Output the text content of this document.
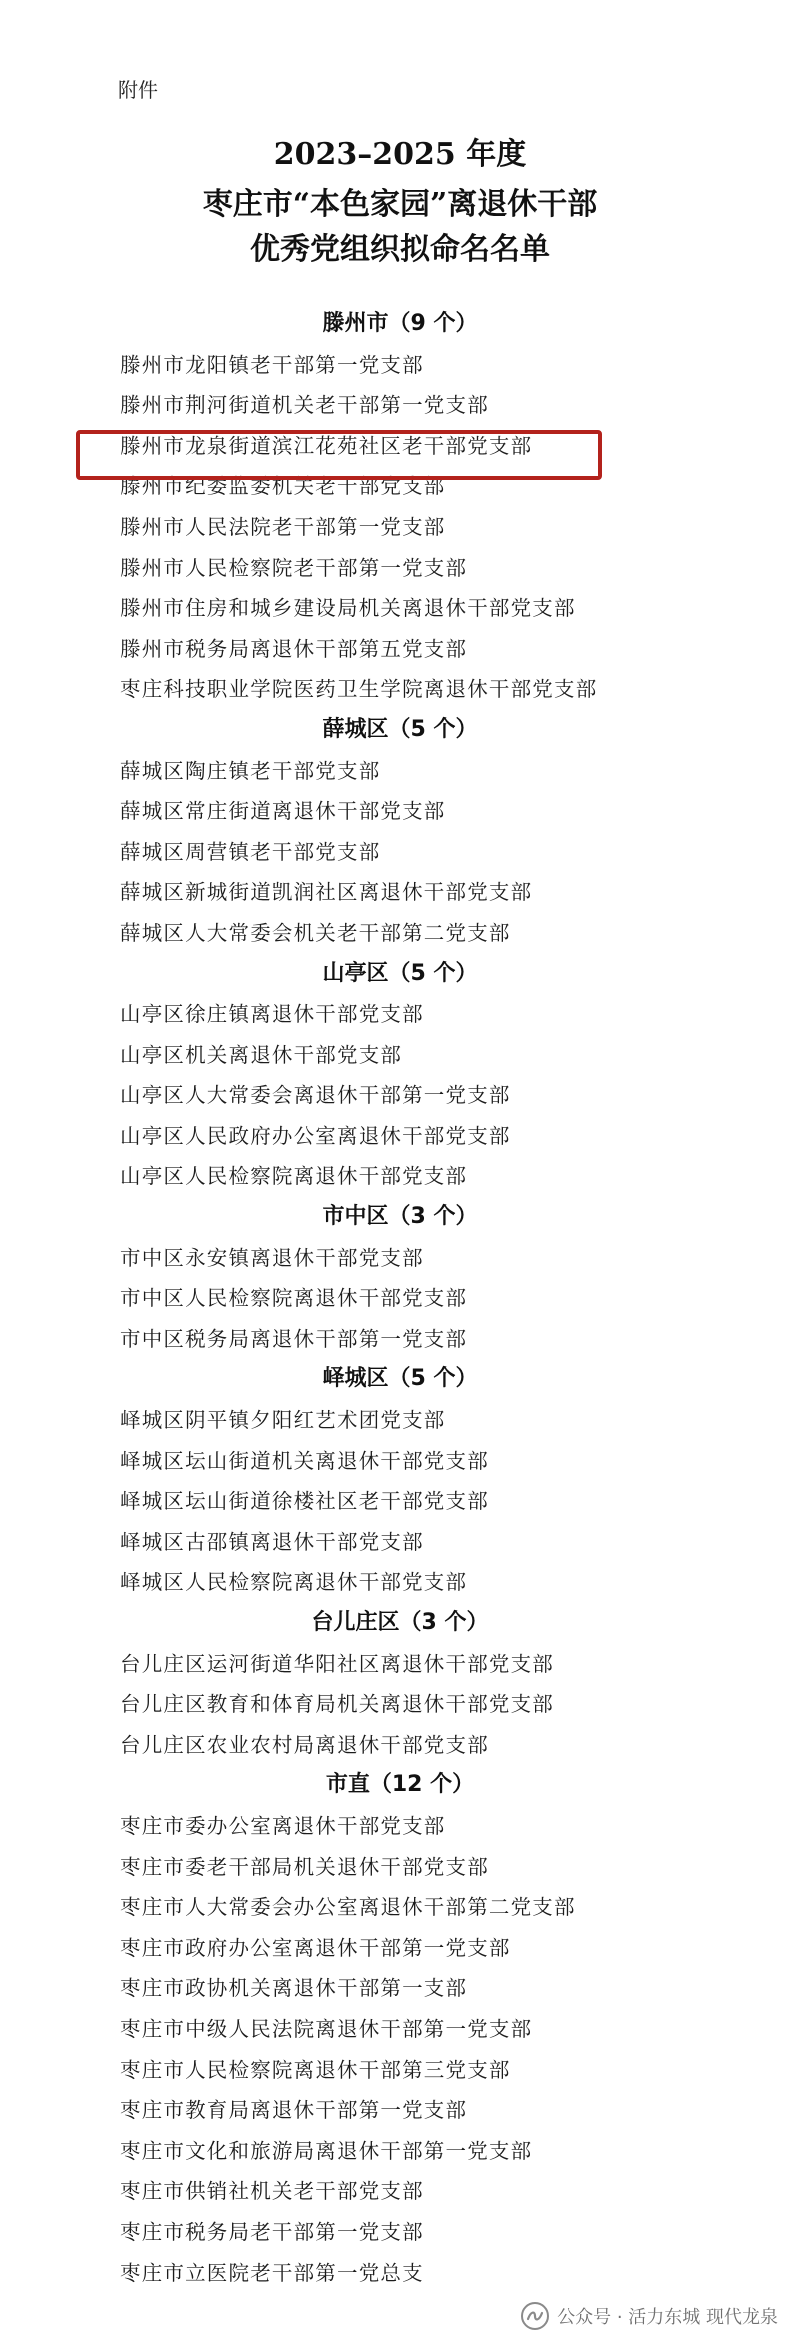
附件
2023–2025 年度
枣庄市“本色家园”离退休干部
优秀党组织拟命名名单
滕州市（9 个）
滕州市龙阳镇老干部第一党支部
滕州市荆河街道机关老干部第一党支部
滕州市龙泉街道滨江花苑社区老干部党支部
滕州市纪委监委机关老干部党支部
滕州市人民法院老干部第一党支部
滕州市人民检察院老干部第一党支部
滕州市住房和城乡建设局机关离退休干部党支部
滕州市税务局离退休干部第五党支部
枣庄科技职业学院医药卫生学院离退休干部党支部
薛城区（5 个）
薛城区陶庄镇老干部党支部
薛城区常庄街道离退休干部党支部
薛城区周营镇老干部党支部
薛城区新城街道凯润社区离退休干部党支部
薛城区人大常委会机关老干部第二党支部
山亭区（5 个）
山亭区徐庄镇离退休干部党支部
山亭区机关离退休干部党支部
山亭区人大常委会离退休干部第一党支部
山亭区人民政府办公室离退休干部党支部
山亭区人民检察院离退休干部党支部
市中区（3 个）
市中区永安镇离退休干部党支部
市中区人民检察院离退休干部党支部
市中区税务局离退休干部第一党支部
峄城区（5 个）
峄城区阴平镇夕阳红艺术团党支部
峄城区坛山街道机关离退休干部党支部
峄城区坛山街道徐楼社区老干部党支部
峄城区古邵镇离退休干部党支部
峄城区人民检察院离退休干部党支部
台儿庄区（3 个）
台儿庄区运河街道华阳社区离退休干部党支部
台儿庄区教育和体育局机关离退休干部党支部
台儿庄区农业农村局离退休干部党支部
市直（12 个）
枣庄市委办公室离退休干部党支部
枣庄市委老干部局机关退休干部党支部
枣庄市人大常委会办公室离退休干部第二党支部
枣庄市政府办公室离退休干部第一党支部
枣庄市政协机关离退休干部第一支部
枣庄市中级人民法院离退休干部第一党支部
枣庄市人民检察院离退休干部第三党支部
枣庄市教育局离退休干部第一党支部
枣庄市文化和旅游局离退休干部第一党支部
枣庄市供销社机关老干部党支部
枣庄市税务局老干部第一党支部
枣庄市立医院老干部第一党总支
公众号 · 活力东城 现代龙泉
